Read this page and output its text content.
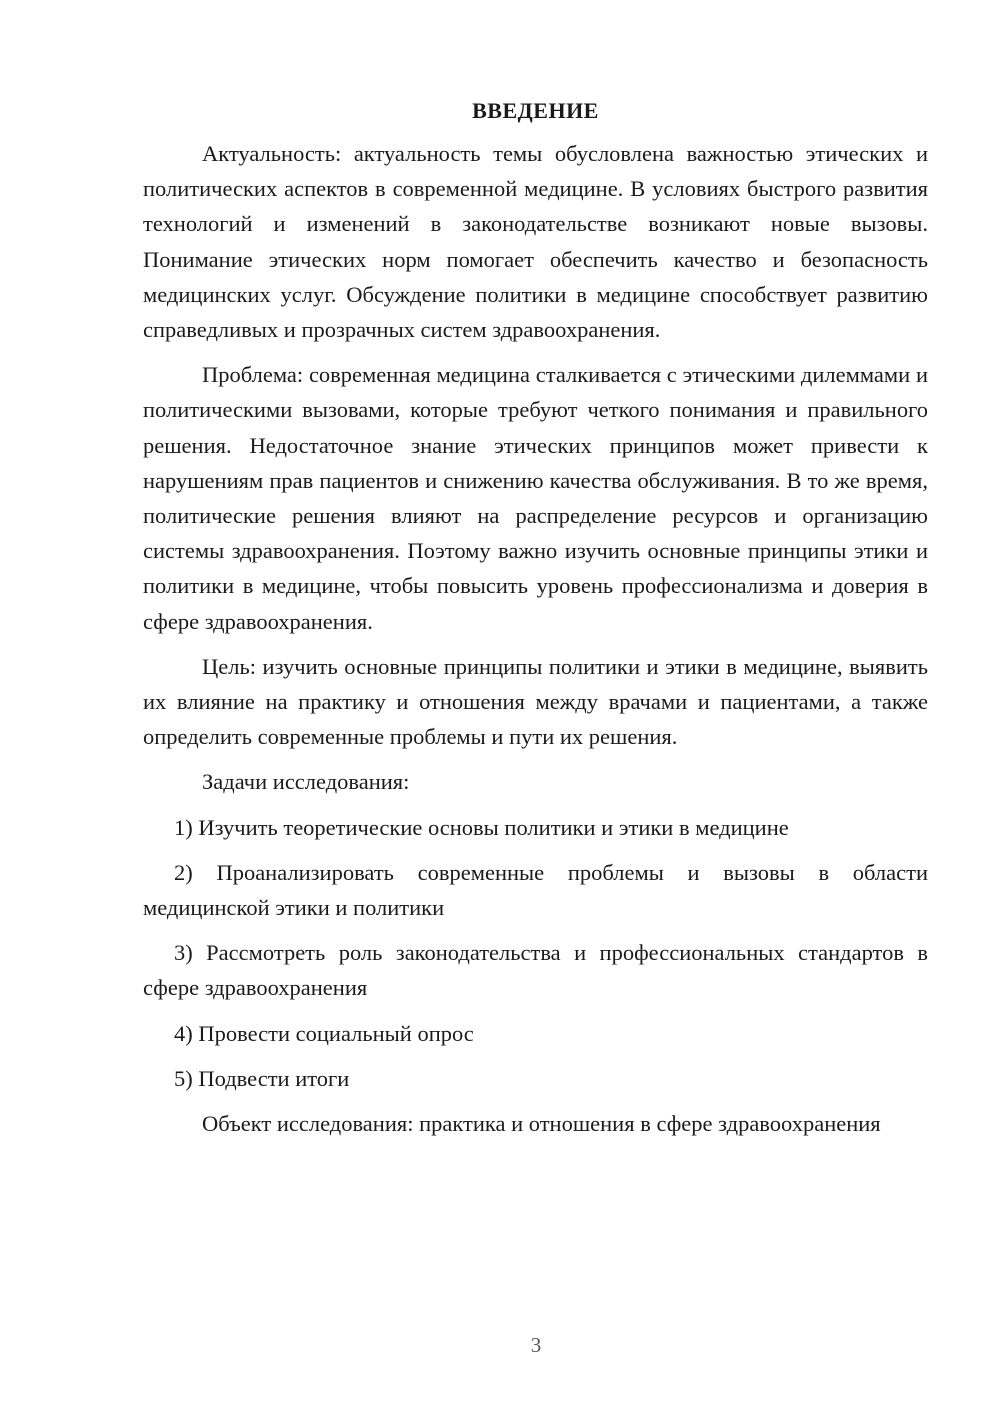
ВВЕДЕНИЕ

Актуальность: актуальность темы обусловлена важностью этических и политических аспектов в современной медицине. В условиях быстрого развития технологий и изменений в законодательстве возникают новые вызовы. Понимание этических норм помогает обеспечить качество и безопасность медицинских услуг. Обсуждение политики в медицине способствует развитию справедливых и прозрачных систем здравоохранения.

Проблема: современная медицина сталкивается с этическими дилеммами и политическими вызовами, которые требуют четкого понимания и правильного решения. Недостаточное знание этических принципов может привести к нарушениям прав пациентов и снижению качества обслуживания. В то же время, политические решения влияют на распределение ресурсов и организацию системы здравоохранения. Поэтому важно изучить основные принципы этики и политики в медицине, чтобы повысить уровень профессионализма и доверия в сфере здравоохранения.

Цель: изучить основные принципы политики и этики в медицине, выявить их влияние на практику и отношения между врачами и пациентами, а также определить современные проблемы и пути их решения.

Задачи исследования:

1) Изучить теоретические основы политики и этики в медицине

2) Проанализировать современные проблемы и вызовы в области медицинской этики и политики

3) Рассмотреть роль законодательства и профессиональных стандартов в сфере здравоохранения

4) Провести социальный опрос

5) Подвести итоги

Объект исследования: практика и отношения в сфере здравоохранения

3
